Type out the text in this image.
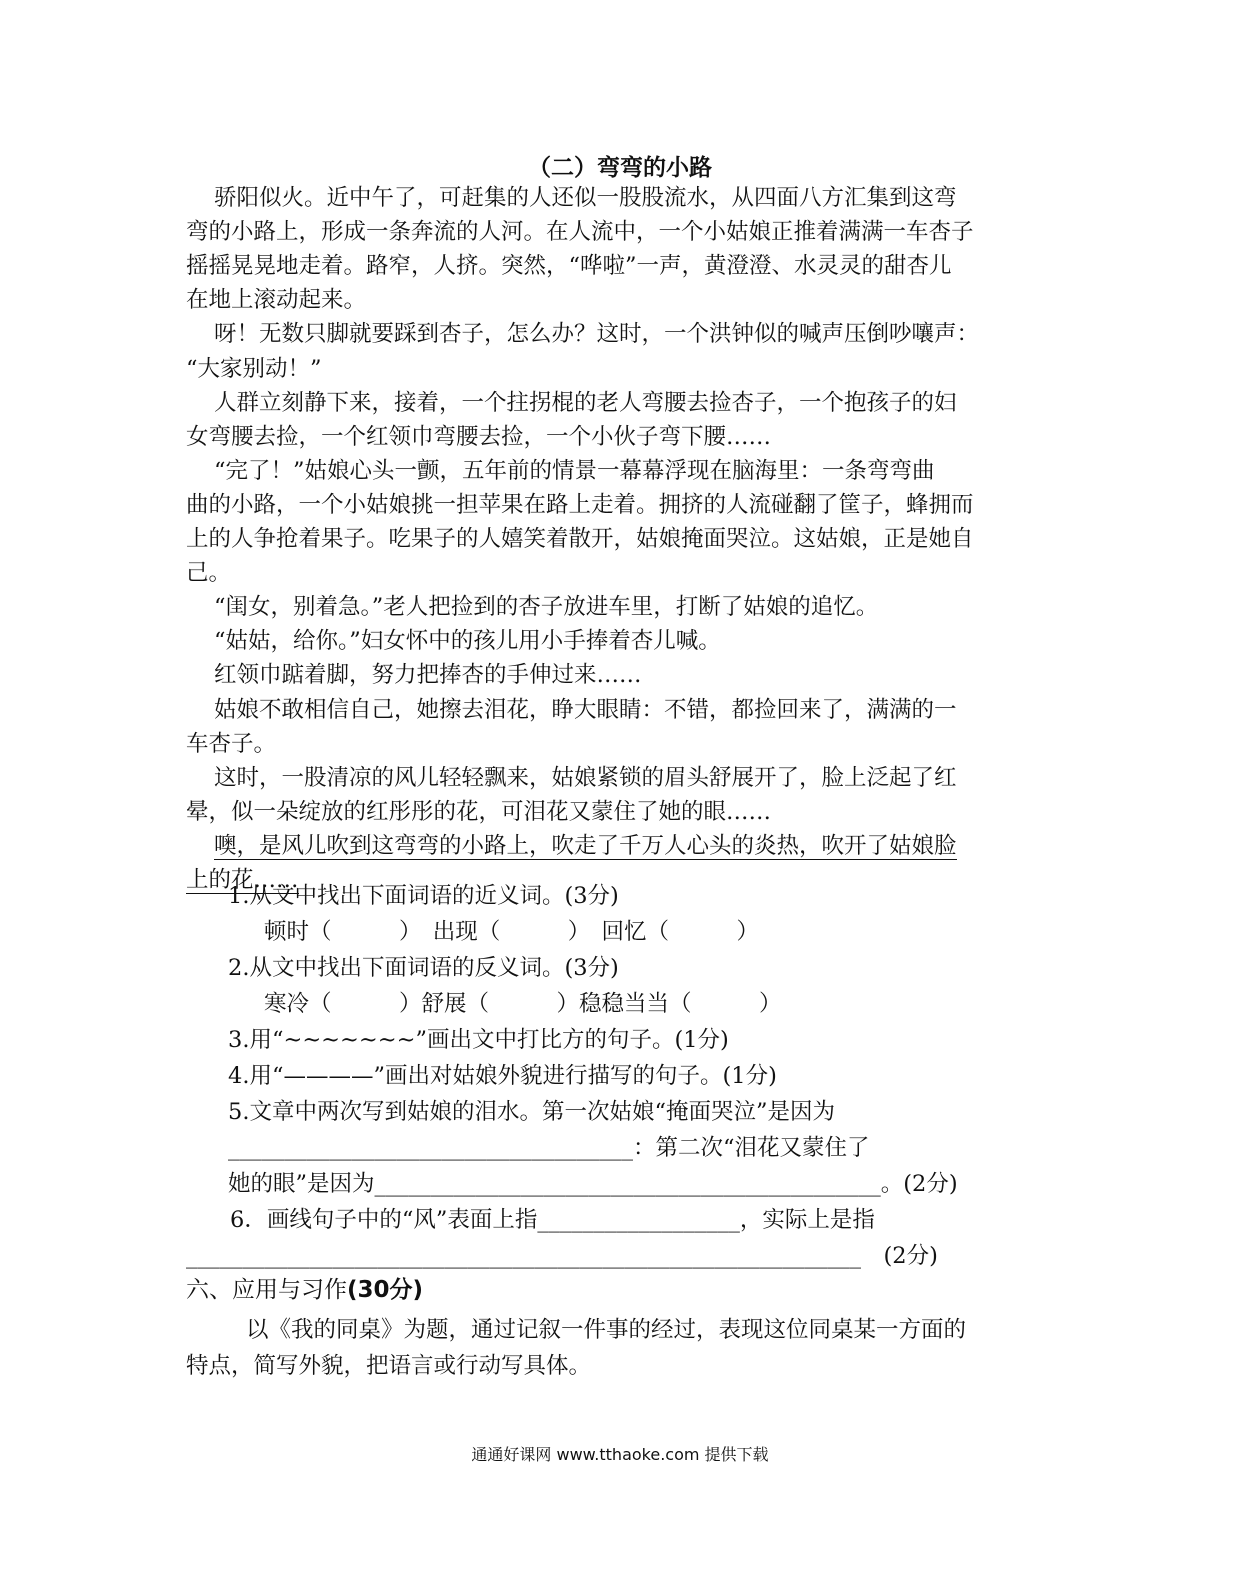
（二）弯弯的小路
骄阳似火。近中午了，可赶集的人还似一股股流水，从四面八方汇集到这弯
弯的小路上，形成一条奔流的人河。在人流中，一个小姑娘正推着满满一车杏子
摇摇晃晃地走着。路窄，人挤。突然，“哗啦”一声，黄澄澄、水灵灵的甜杏儿
在地上滚动起来。
呀！无数只脚就要踩到杏子，怎么办？这时，一个洪钟似的喊声压倒吵嚷声：
“大家别动！”
人群立刻静下来，接着，一个拄拐棍的老人弯腰去捡杏子，一个抱孩子的妇
女弯腰去捡，一个红领巾弯腰去捡，一个小伙子弯下腰……
“完了！”姑娘心头一颤，五年前的情景一幕幕浮现在脑海里：一条弯弯曲
曲的小路，一个小姑娘挑一担苹果在路上走着。拥挤的人流碰翻了筐子，蜂拥而
上的人争抢着果子。吃果子的人嬉笑着散开，姑娘掩面哭泣。这姑娘，正是她自
己。
“闺女，别着急。”老人把捡到的杏子放进车里，打断了姑娘的追忆。
“姑姑，给你。”妇女怀中的孩儿用小手捧着杏儿喊。
红领巾踮着脚，努力把捧杏的手伸过来……
姑娘不敢相信自己，她擦去泪花，睁大眼睛：不错，都捡回来了，满满的一
车杏子。
这时，一股清凉的风儿轻轻飘来，姑娘紧锁的眉头舒展开了，脸上泛起了红
晕，似一朵绽放的红彤彤的花，可泪花又蒙住了她的眼……
噢，是风儿吹到这弯弯的小路上，吹走了千万人心头的炎热，吹开了姑娘脸
上的花……
1.从文中找出下面词语的近义词。(3分)
顿时（　　　）　出现（　　　）　回忆（　　　）
2.从文中找出下面词语的反义词。(3分)
寒冷（　　　）舒展（　　　）稳稳当当（　　　）
3.用“~~~~~~~”画出文中打比方的句子。(1分)
4.用“————”画出对姑娘外貌进行描写的句子。(1分)
5.文章中两次写到姑娘的泪水。第一次姑娘“掩面哭泣”是因为
____________________________________：第二次“泪花又蒙住了
她的眼”是因为_____________________________________________。(2分)
6．画线句子中的“风”表面上指__________________，实际上是指
____________________________________________________________　(2分)
六、应用与习作(30分)
以《我的同桌》为题，通过记叙一件事的经过，表现这位同桌某一方面的
特点，简写外貌，把语言或行动写具体。
通通好课网 www.tthaoke.com 提供下载
